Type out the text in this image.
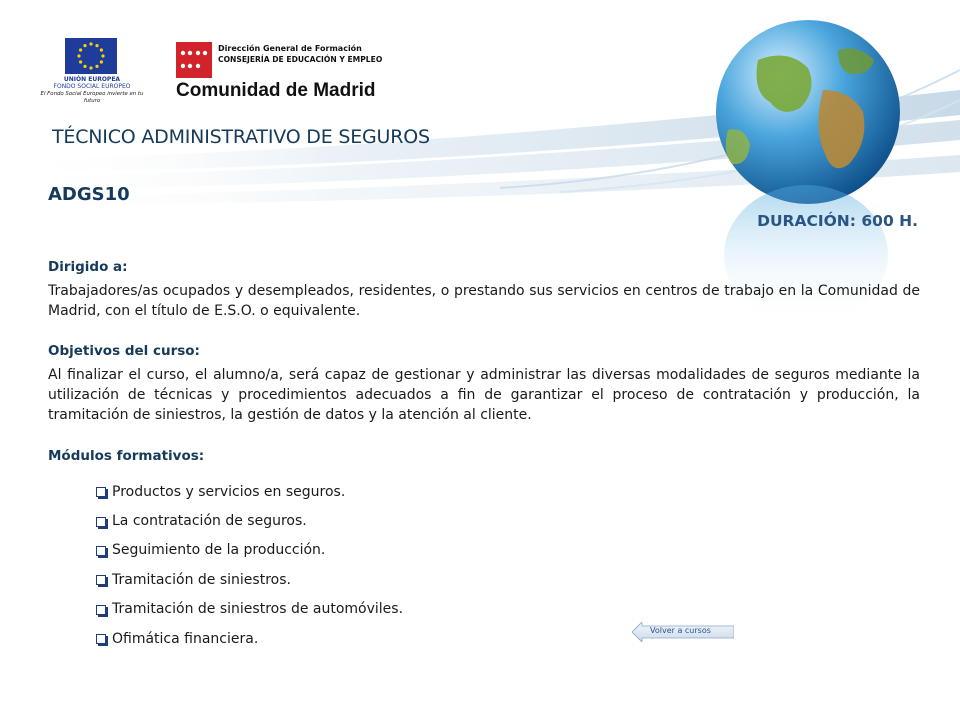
UNIÓN EUROPEA
FONDO SOCIAL EUROPEO
El Fondo Social Europeo invierte en tu futuro
Dirección General de Formación
CONSEJERÍA DE EDUCACIÓN Y EMPLEO
Comunidad de Madrid
TÉCNICO ADMINISTRATIVO DE SEGUROS
ADGS10
DURACIÓN: 600 H.
Dirigido a:
Trabajadores/as ocupados y desempleados, residentes, o prestando sus servicios en centros de trabajo en la Comunidad de Madrid, con el título de E.S.O. o equivalente.
Objetivos del curso:
Al finalizar el curso, el alumno/a, será capaz de gestionar y administrar las diversas modalidades de seguros mediante la utilización de técnicas y procedimientos adecuados a fin de garantizar el proceso de contratación y producción, la tramitación de siniestros, la gestión de datos y la atención al cliente.
Módulos formativos:
Productos y servicios en seguros.
La contratación de seguros.
Seguimiento de la producción.
Tramitación de siniestros.
Tramitación de siniestros de automóviles.
Ofimática financiera.
Volver a cursos
